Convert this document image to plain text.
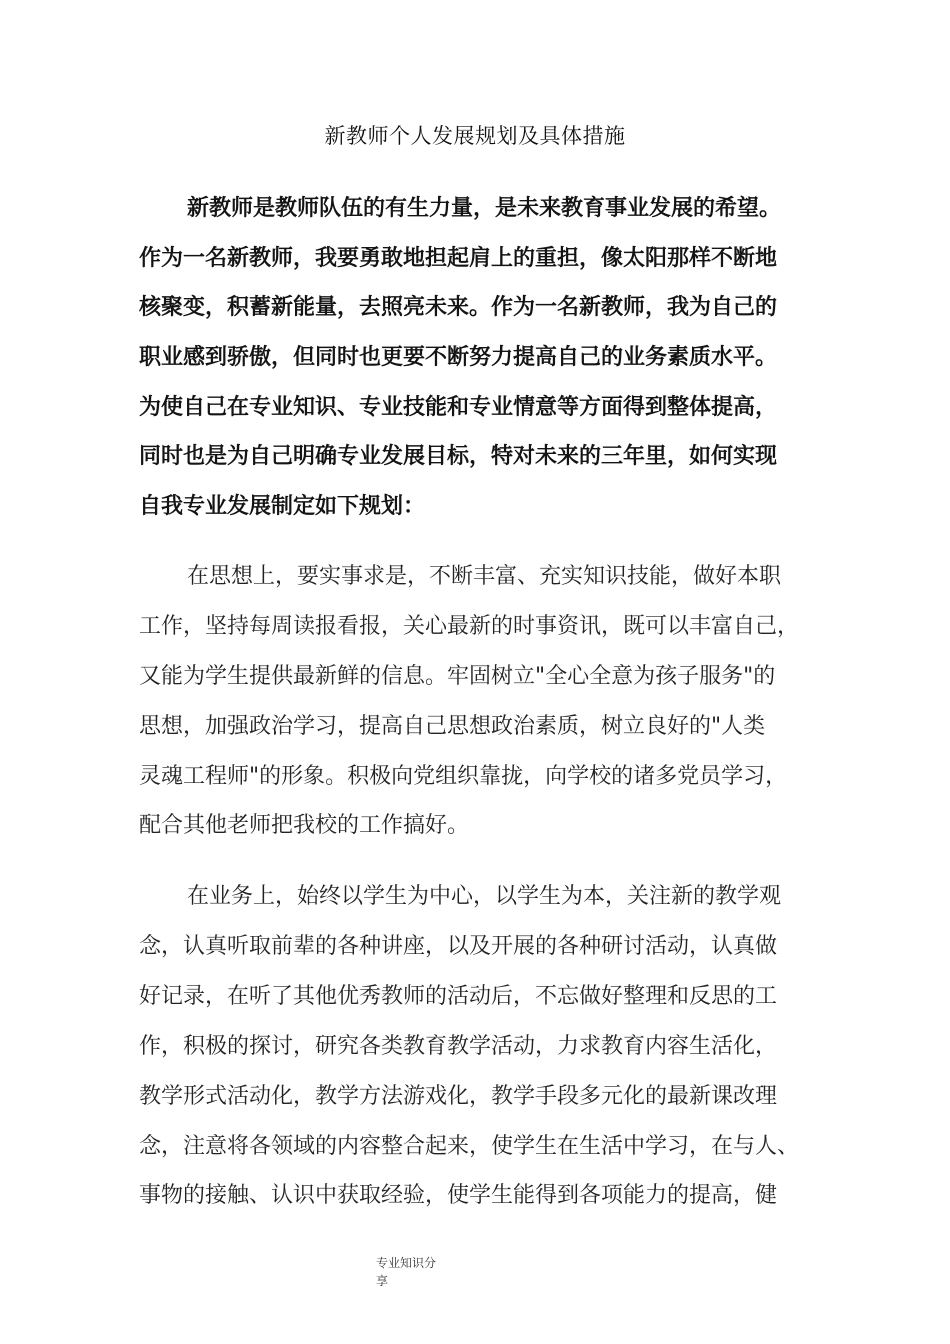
新教师个人发展规划及具体措施

新教师是教师队伍的有生力量，是未来教育事业发展的希望。

作为一名新教师，我要勇敢地担起肩上的重担，像太阳那样不断地

核聚变，积蓄新能量，去照亮未来。作为一名新教师，我为自己的

职业感到骄傲，但同时也更要不断努力提高自己的业务素质水平。

为使自己在专业知识、专业技能和专业情意等方面得到整体提高，

同时也是为自己明确专业发展目标，特对未来的三年里，如何实现

自我专业发展制定如下规划：

在思想上，要实事求是，不断丰富、充实知识技能，做好本职

工作，坚持每周读报看报，关心最新的时事资讯，既可以丰富自己，

又能为学生提供最新鲜的信息。牢固树立"全心全意为孩子服务"的

思想，加强政治学习，提高自己思想政治素质，树立良好的"人类

灵魂工程师"的形象。积极向党组织靠拢，向学校的诸多党员学习，

配合其他老师把我校的工作搞好。

在业务上，始终以学生为中心，以学生为本，关注新的教学观

念，认真听取前辈的各种讲座，以及开展的各种研讨活动，认真做

好记录，在听了其他优秀教师的活动后，不忘做好整理和反思的工

作，积极的探讨，研究各类教育教学活动，力求教育内容生活化，

教学形式活动化，教学方法游戏化，教学手段多元化的最新课改理

念，注意将各领域的内容整合起来，使学生在生活中学习，在与人、

事物的接触、认识中获取经验，使学生能得到各项能力的提高，健

专业知识分
享
